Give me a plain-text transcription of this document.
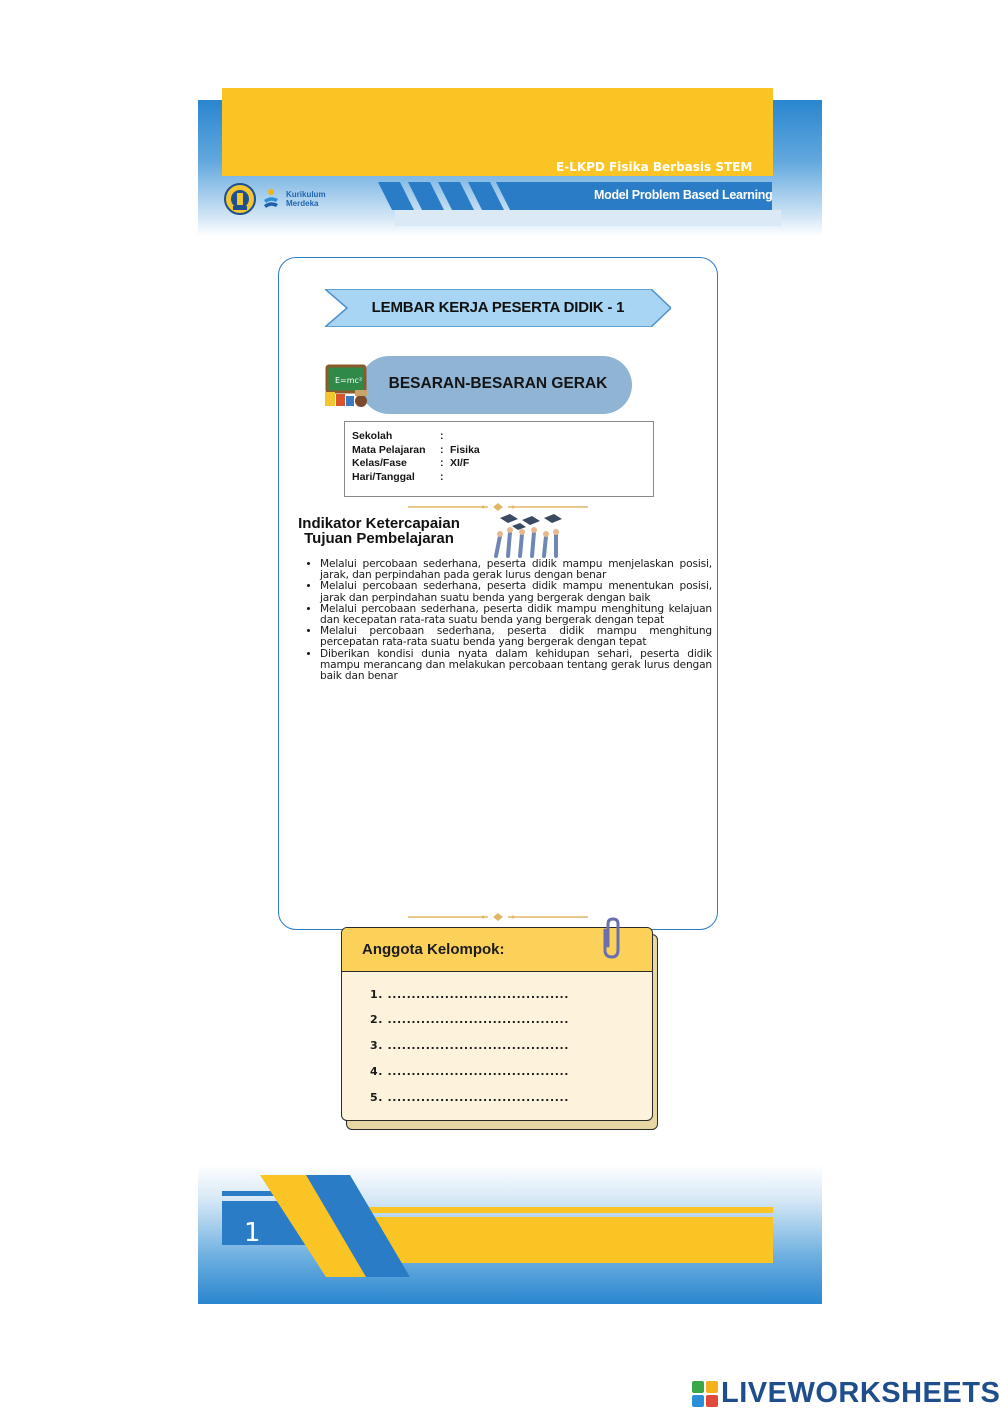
E-LKPD Fisika Berbasis STEM
Model Problem Based Learning
Kurikulum
Merdeka
LEMBAR KERJA PESERTA DIDIK - 1
BESARAN-BESARAN GERAK
E=mc²
Sekolah	:
Mata Pelajaran	: Fisika
Kelas/Fase	: XI/F
Hari/Tanggal	:
Indikator Ketercapaian
Tujuan Pembelajaran
• Melalui percobaan sederhana, peserta didik mampu menjelaskan posisi, jarak, dan perpindahan pada gerak lurus dengan benar
• Melalui percobaan sederhana, peserta didik mampu menentukan posisi, jarak dan perpindahan suatu benda yang bergerak dengan baik
• Melalui percobaan sederhana, peserta didik mampu menghitung kelajuan dan kecepatan rata-rata suatu benda yang bergerak dengan tepat
• Melalui percobaan sederhana, peserta didik mampu menghitung percepatan rata-rata suatu benda yang bergerak dengan tepat
• Diberikan kondisi dunia nyata dalam kehidupan sehari, peserta didik mampu merancang dan melakukan percobaan tentang gerak lurus dengan baik dan benar
Anggota Kelompok:
1. ......................................
2. ......................................
3. ......................................
4. ......................................
5. ......................................
1
LIVEWORKSHEETS
